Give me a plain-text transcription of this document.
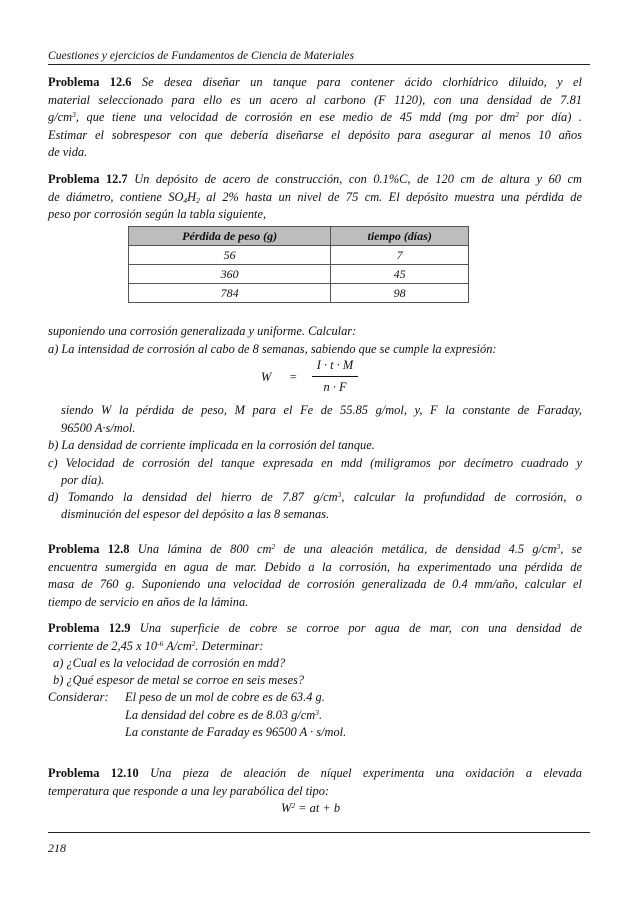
Cuestiones y ejercicios de Fundamentos de Ciencia de Materiales
Problema 12.6 Se desea diseñar un tanque para contener ácido clorhídrico diluido, y el
material seleccionado para ello es un acero al carbono (F 1120), con una densidad de 7.81
$g/cm^3$, que tiene una velocidad de corrosión en ese medio de 45 mdd (mg por $dm^2$ por día) .
Estimar el sobrespesor con que debería diseñarse el depósito para asegurar al menos 10 años
de vida.
Problema 12.7 Un depósito de acero de construcción, con 0.1%C, de 120 cm de altura y 60 cm
de diámetro, contiene $SO_4H_2$ al 2% hasta un nivel de 75 cm. El depósito muestra una pérdida de
peso por corrosión según la tabla siguiente,
Pérdida de peso (g)	tiempo (días)
56	7
360	45
784	98
suponiendo una corrosión generalizada y uniforme. Calcular:
a) La intensidad de corrosión al cabo de 8 semanas, sabiendo que se cumple la expresión:
W =
I · t · M
n · F
siendo W la pérdida de peso, M para el Fe de 55.85 g/mol, y, F la constante de Faraday,
96500 A·s/mol.
b) La densidad de corriente implicada en la corrosión del tanque.
c) Velocidad de corrosión del tanque expresada en mdd (miligramos por decímetro cuadrado y
por día).
d) Tomando la densidad del hierro de 7.87 $g/cm^3$, calcular la profundidad de corrosión, o
disminución del espesor del depósito a las 8 semanas.
Problema 12.8 Una lámina de 800 $cm^2$ de una aleación metálica, de densidad 4.5 $g/cm^3$, se
encuentra sumergida en agua de mar. Debido a la corrosión, ha experimentado una pérdida de
masa de 760 g. Suponiendo una velocidad de corrosión generalizada de 0.4 mm/año, calcular el
tiempo de servicio en años de la lámina.
Problema 12.9 Una superficie de cobre se corroe por agua de mar, con una densidad de
corriente de 2,45 x $10^{-6}$ $A/cm^2$. Determinar:
a) ¿Cual es la velocidad de corrosión en mdd?
b) ¿Qué espesor de metal se corroe en seis meses?
Considerar:	El peso de un mol de cobre es de 63.4 g.
La densidad del cobre es de 8.03 $g/cm^3$.
La constante de Faraday es 96500 A · s/mol.
Problema 12.10 Una pieza de aleación de níquel experimenta una oxidación a elevada
temperatura que responde a una ley parabólica del tipo:
$W^2$ = at + b
218
